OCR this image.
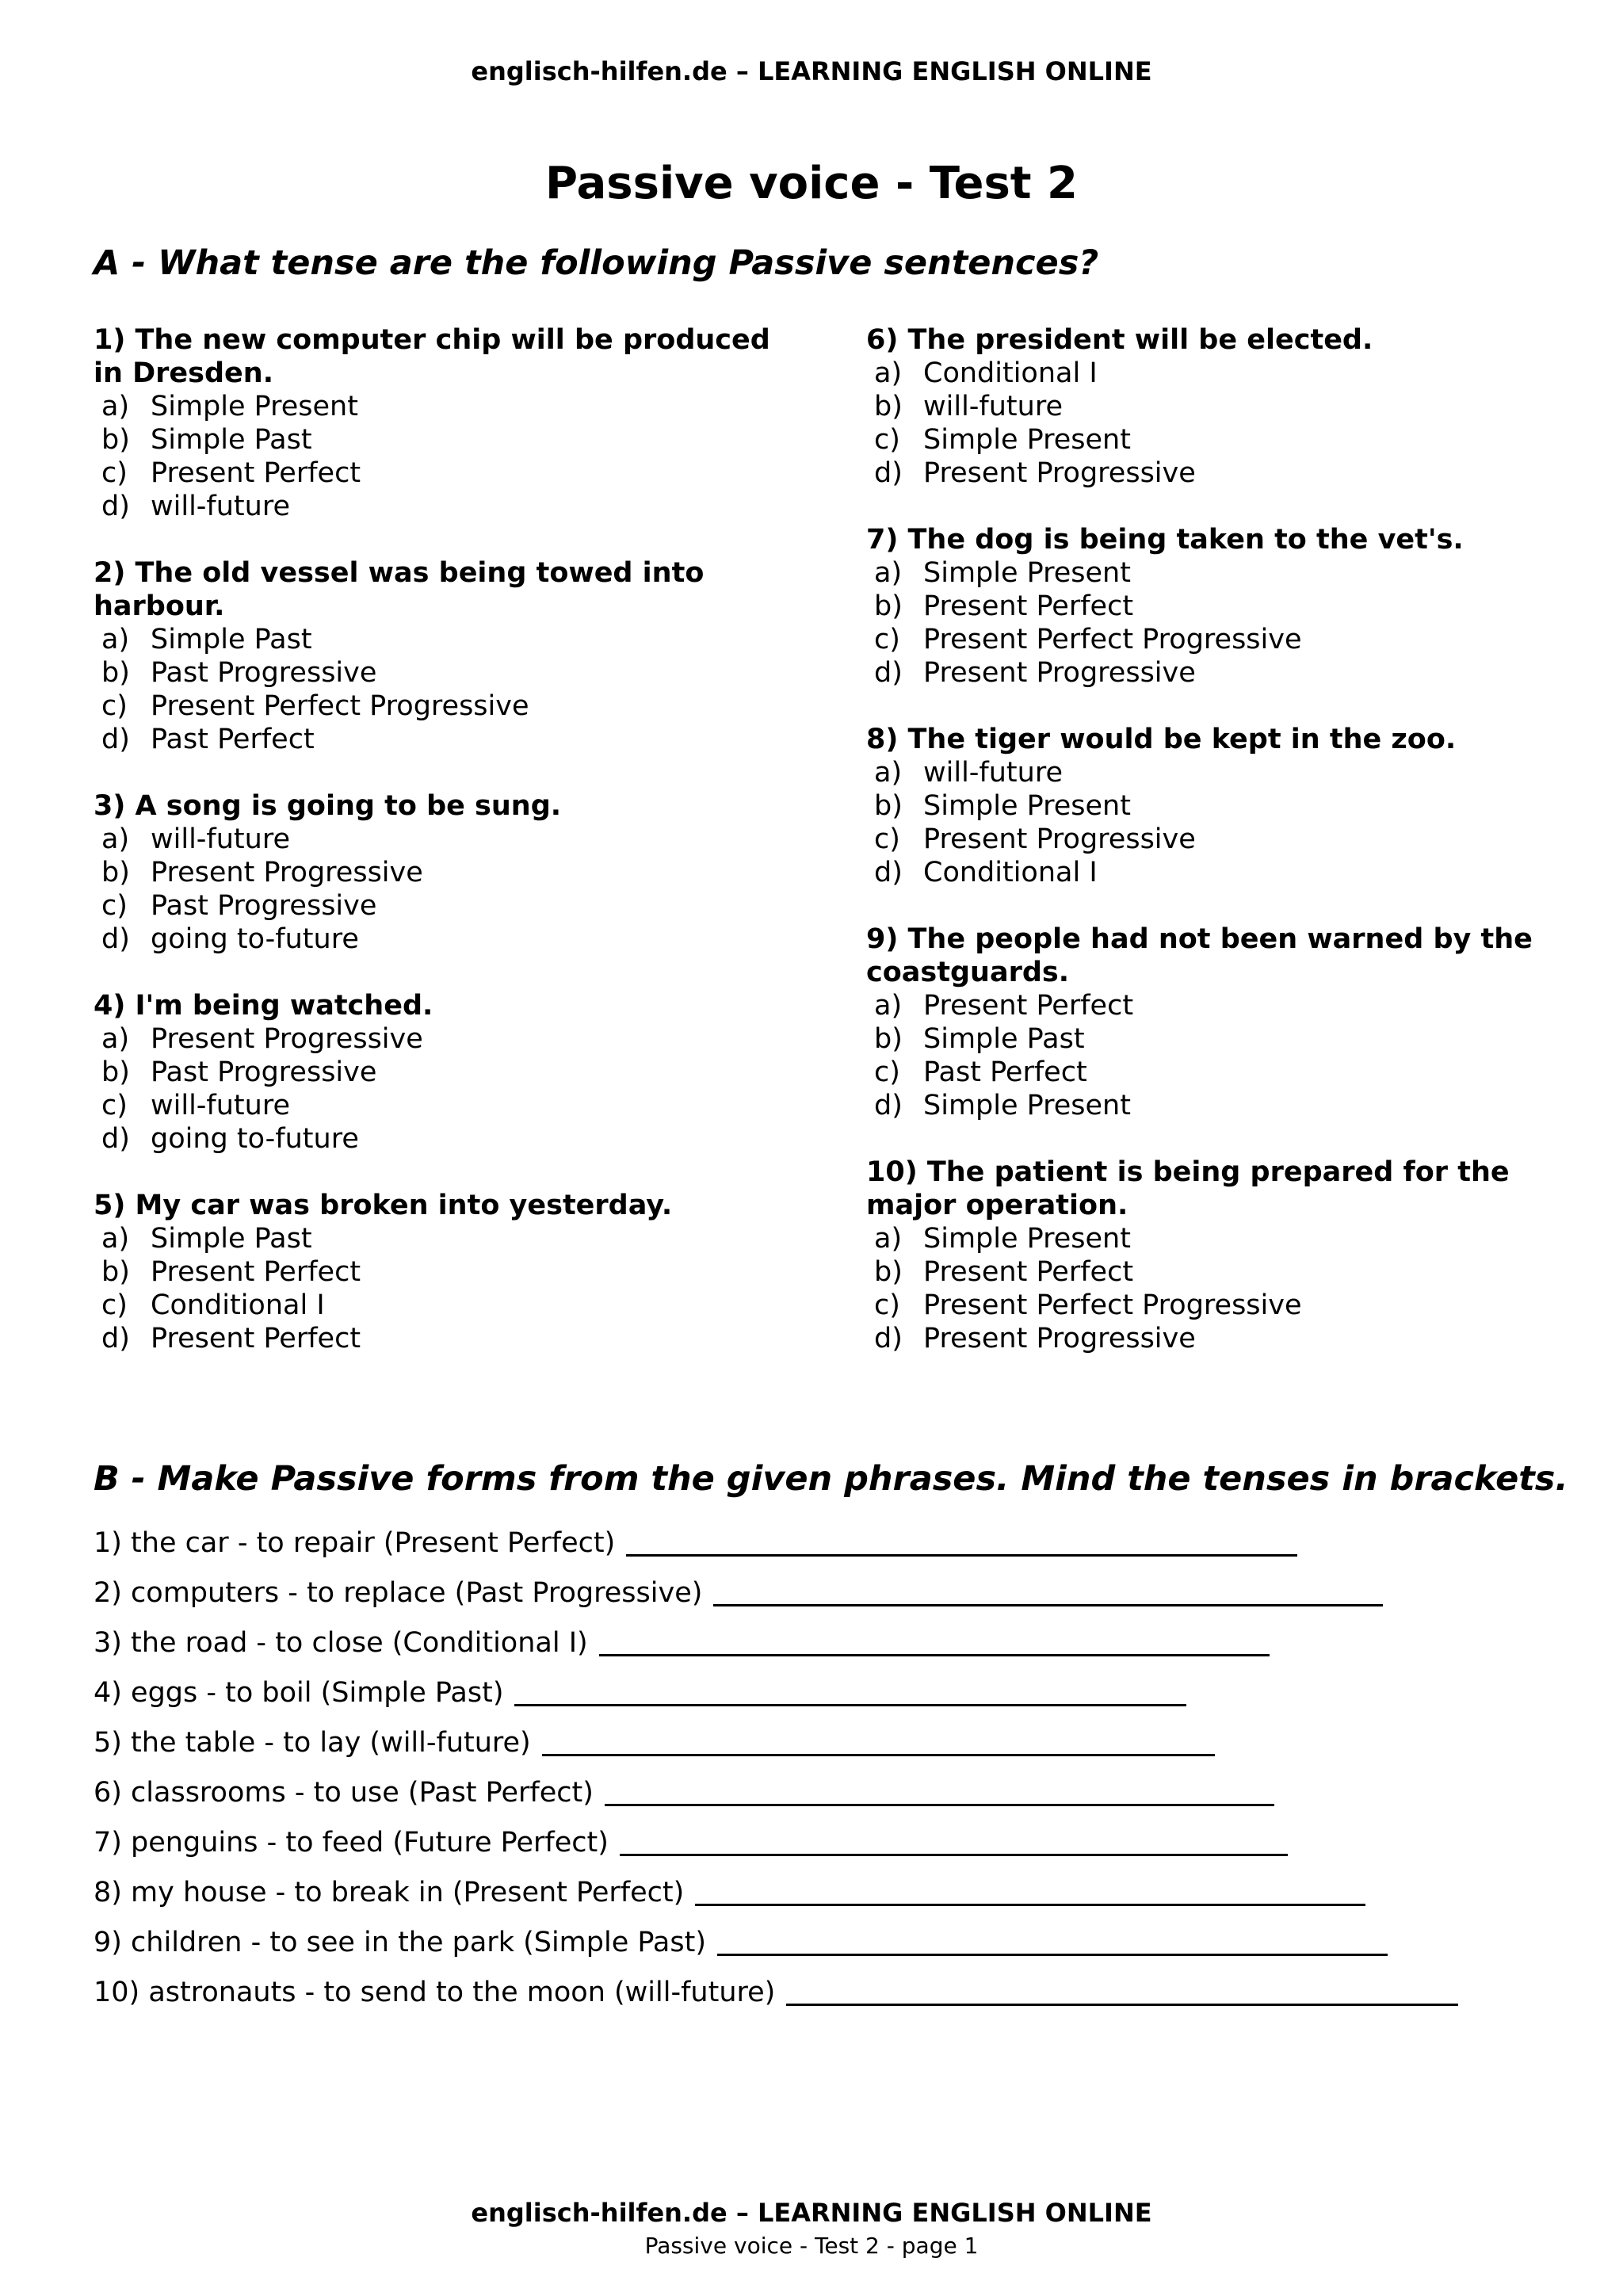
englisch-hilfen.de – LEARNING ENGLISH ONLINE
Passive voice - Test 2
A - What tense are the following Passive sentences?

1) The new computer chip will be produced in Dresden.

a) Simple Present
b) Simple Past
c) Present Perfect
d) will-future

2) The old vessel was being towed into harbour.

a) Simple Past
b) Past Progressive
c) Present Perfect Progressive
d) Past Perfect

3) A song is going to be sung.

a) will-future
b) Present Progressive
c) Past Progressive
d) going to-future

4) I'm being watched.

a) Present Progressive
b) Past Progressive
c) will-future
d) going to-future

5) My car was broken into yesterday.

a) Simple Past
b) Present Perfect
c) Conditional I
d) Present Perfect

6) The president will be elected.

a) Conditional I
b) will-future
c) Simple Present
d) Present Progressive

7) The dog is being taken to the vet's.

a) Simple Present
b) Present Perfect
c) Present Perfect Progressive
d) Present Progressive

8) The tiger would be kept in the zoo.

a) will-future
b) Simple Present
c) Present Progressive
d) Conditional I

9) The people had not been warned by the coastguards.

a) Present Perfect
b) Simple Past
c) Past Perfect
d) Simple Present

10) The patient is being prepared for the major operation.

a) Simple Present
b) Present Perfect
c) Present Perfect Progressive
d) Present Progressive
B - Make Passive forms from the given phrases. Mind the tenses in brackets.
1) the car - to repair (Present Perfect)
2) computers - to replace (Past Progressive)
3) the road - to close (Conditional I)
4) eggs - to boil (Simple Past)
5) the table - to lay (will-future)
6) classrooms - to use (Past Perfect)
7) penguins - to feed (Future Perfect)
8) my house - to break in (Present Perfect)
9) children - to see in the park (Simple Past)
10) astronauts - to send to the moon (will-future)
englisch-hilfen.de – LEARNING ENGLISH ONLINE
Passive voice - Test 2 - page 1
